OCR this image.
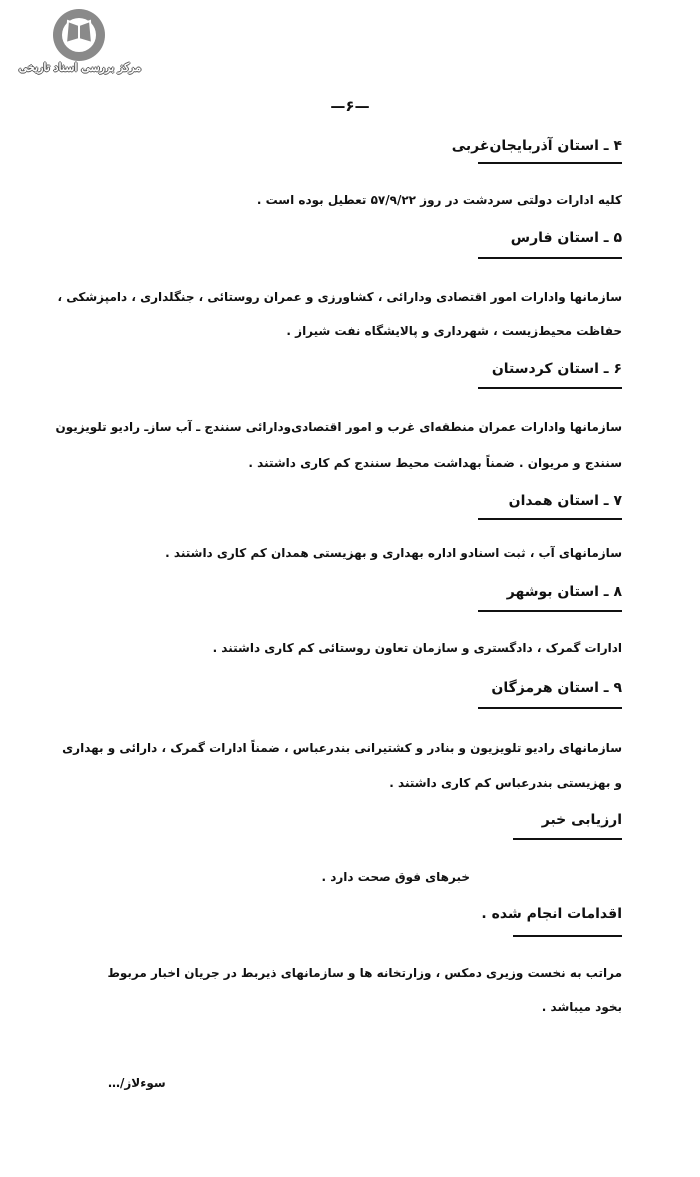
مرکز بررسی اسناد تاریخی
—۶—
۴ ـ استان آذربایجان‌غربی
کلیه ادارات دولتی سردشت در روز ۵۷/۹/۲۲ تعطیل بوده است .
۵ ـ استان فارس
سازمانها وادارات امور اقتصادی ودارائی ، کشاورزی و عمران روستائی ، جنگلداری ، دامپزشکی ،
حفاظت محیط‌زیست ، شهرداری و پالایشگاه نفت شیراز .
۶ ـ استان کردستان
سازمانها وادارات عمران منطقه‌ای غرب و امور اقتصادی‌ودارائی سنندج ـ آب سازـ رادیو تلویزیون
سنندج و مریوان . ضمناً بهداشت محیط سنندج کم کاری داشتند .
۷ ـ استان همدان
سازمانهای آب ، ثبت اسناد‌و اداره بهداری و بهزیستی همدان کم کاری داشتند .
۸ ـ استان بوشهر
ادارات گمرک ، دادگستری و سازمان تعاون روستائی کم کاری داشتند .
۹ ـ استان هرمزگان
سازمانهای رادیو تلویزیون و بنادر و کشتیرانی بندرعباس ، ضمناً ادارات گمرک ، دارائی و بهداری
و بهزیستی بندرعباس کم کاری داشتند .
ارزیابی خبر
خبرهای فوق صحت دارد .
اقدامات انجام شده .
مراتب به نخست وزیری دمکس ، وزارتخانه ها و سازمانهای ذیربط در جریان اخبار مربوط
بخود میباشد .
…/سوءلاز
